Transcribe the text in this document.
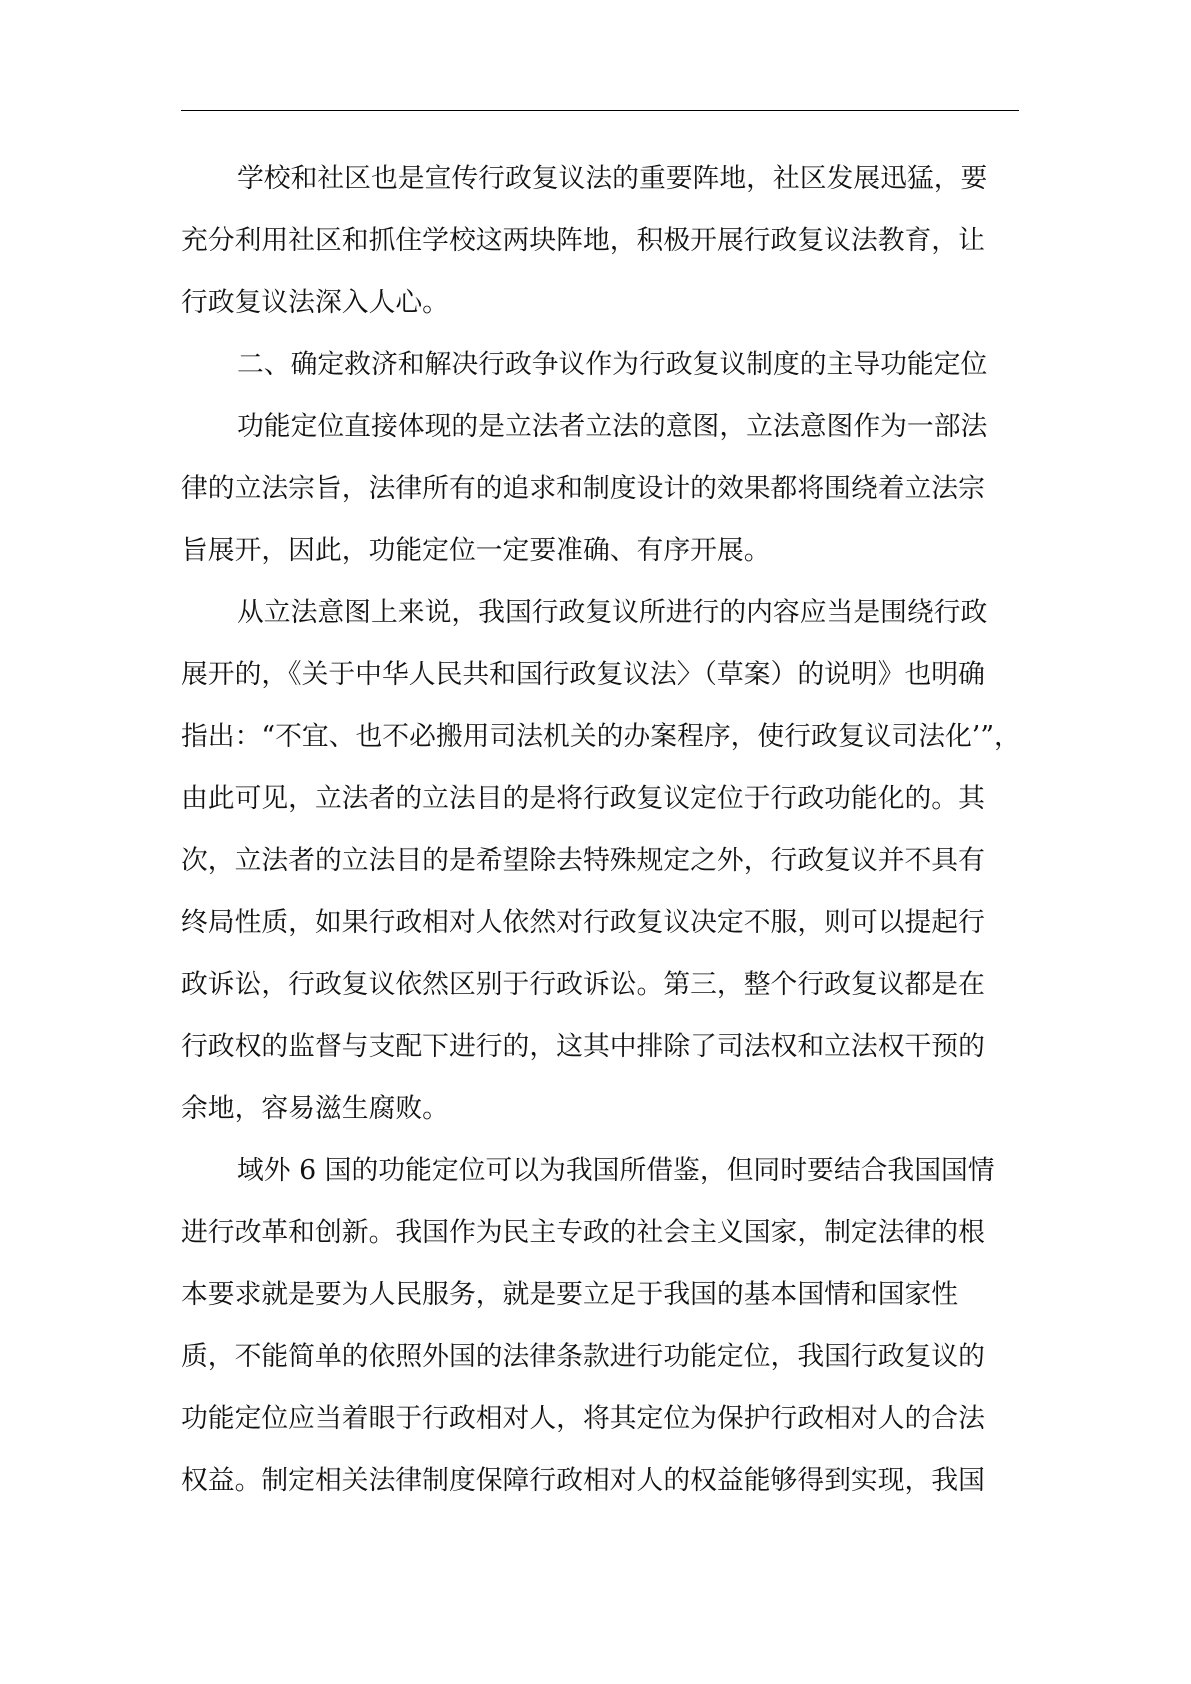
学校和社区也是宣传行政复议法的重要阵地，社区发展迅猛，要
充分利用社区和抓住学校这两块阵地，积极开展行政复议法教育，让
行政复议法深入人心。
二、确定救济和解决行政争议作为行政复议制度的主导功能定位
功能定位直接体现的是立法者立法的意图，立法意图作为一部法
律的立法宗旨，法律所有的追求和制度设计的效果都将围绕着立法宗
旨展开，因此，功能定位一定要准确、有序开展。
从立法意图上来说，我国行政复议所进行的内容应当是围绕行政
展开的，《关于中华人民共和国行政复议法〉（草案）的说明》也明确
指出：“不宜、也不必搬用司法机关的办案程序，使行政复议司法化’”，
由此可见，立法者的立法目的是将行政复议定位于行政功能化的。其
次，立法者的立法目的是希望除去特殊规定之外，行政复议并不具有
终局性质，如果行政相对人依然对行政复议决定不服，则可以提起行
政诉讼，行政复议依然区别于行政诉讼。第三，整个行政复议都是在
行政权的监督与支配下进行的，这其中排除了司法权和立法权干预的
余地，容易滋生腐败。
域外 6 国的功能定位可以为我国所借鉴，但同时要结合我国国情
进行改革和创新。我国作为民主专政的社会主义国家，制定法律的根
本要求就是要为人民服务，就是要立足于我国的基本国情和国家性
质，不能简单的依照外国的法律条款进行功能定位，我国行政复议的
功能定位应当着眼于行政相对人，将其定位为保护行政相对人的合法
权益。制定相关法律制度保障行政相对人的权益能够得到实现，我国
